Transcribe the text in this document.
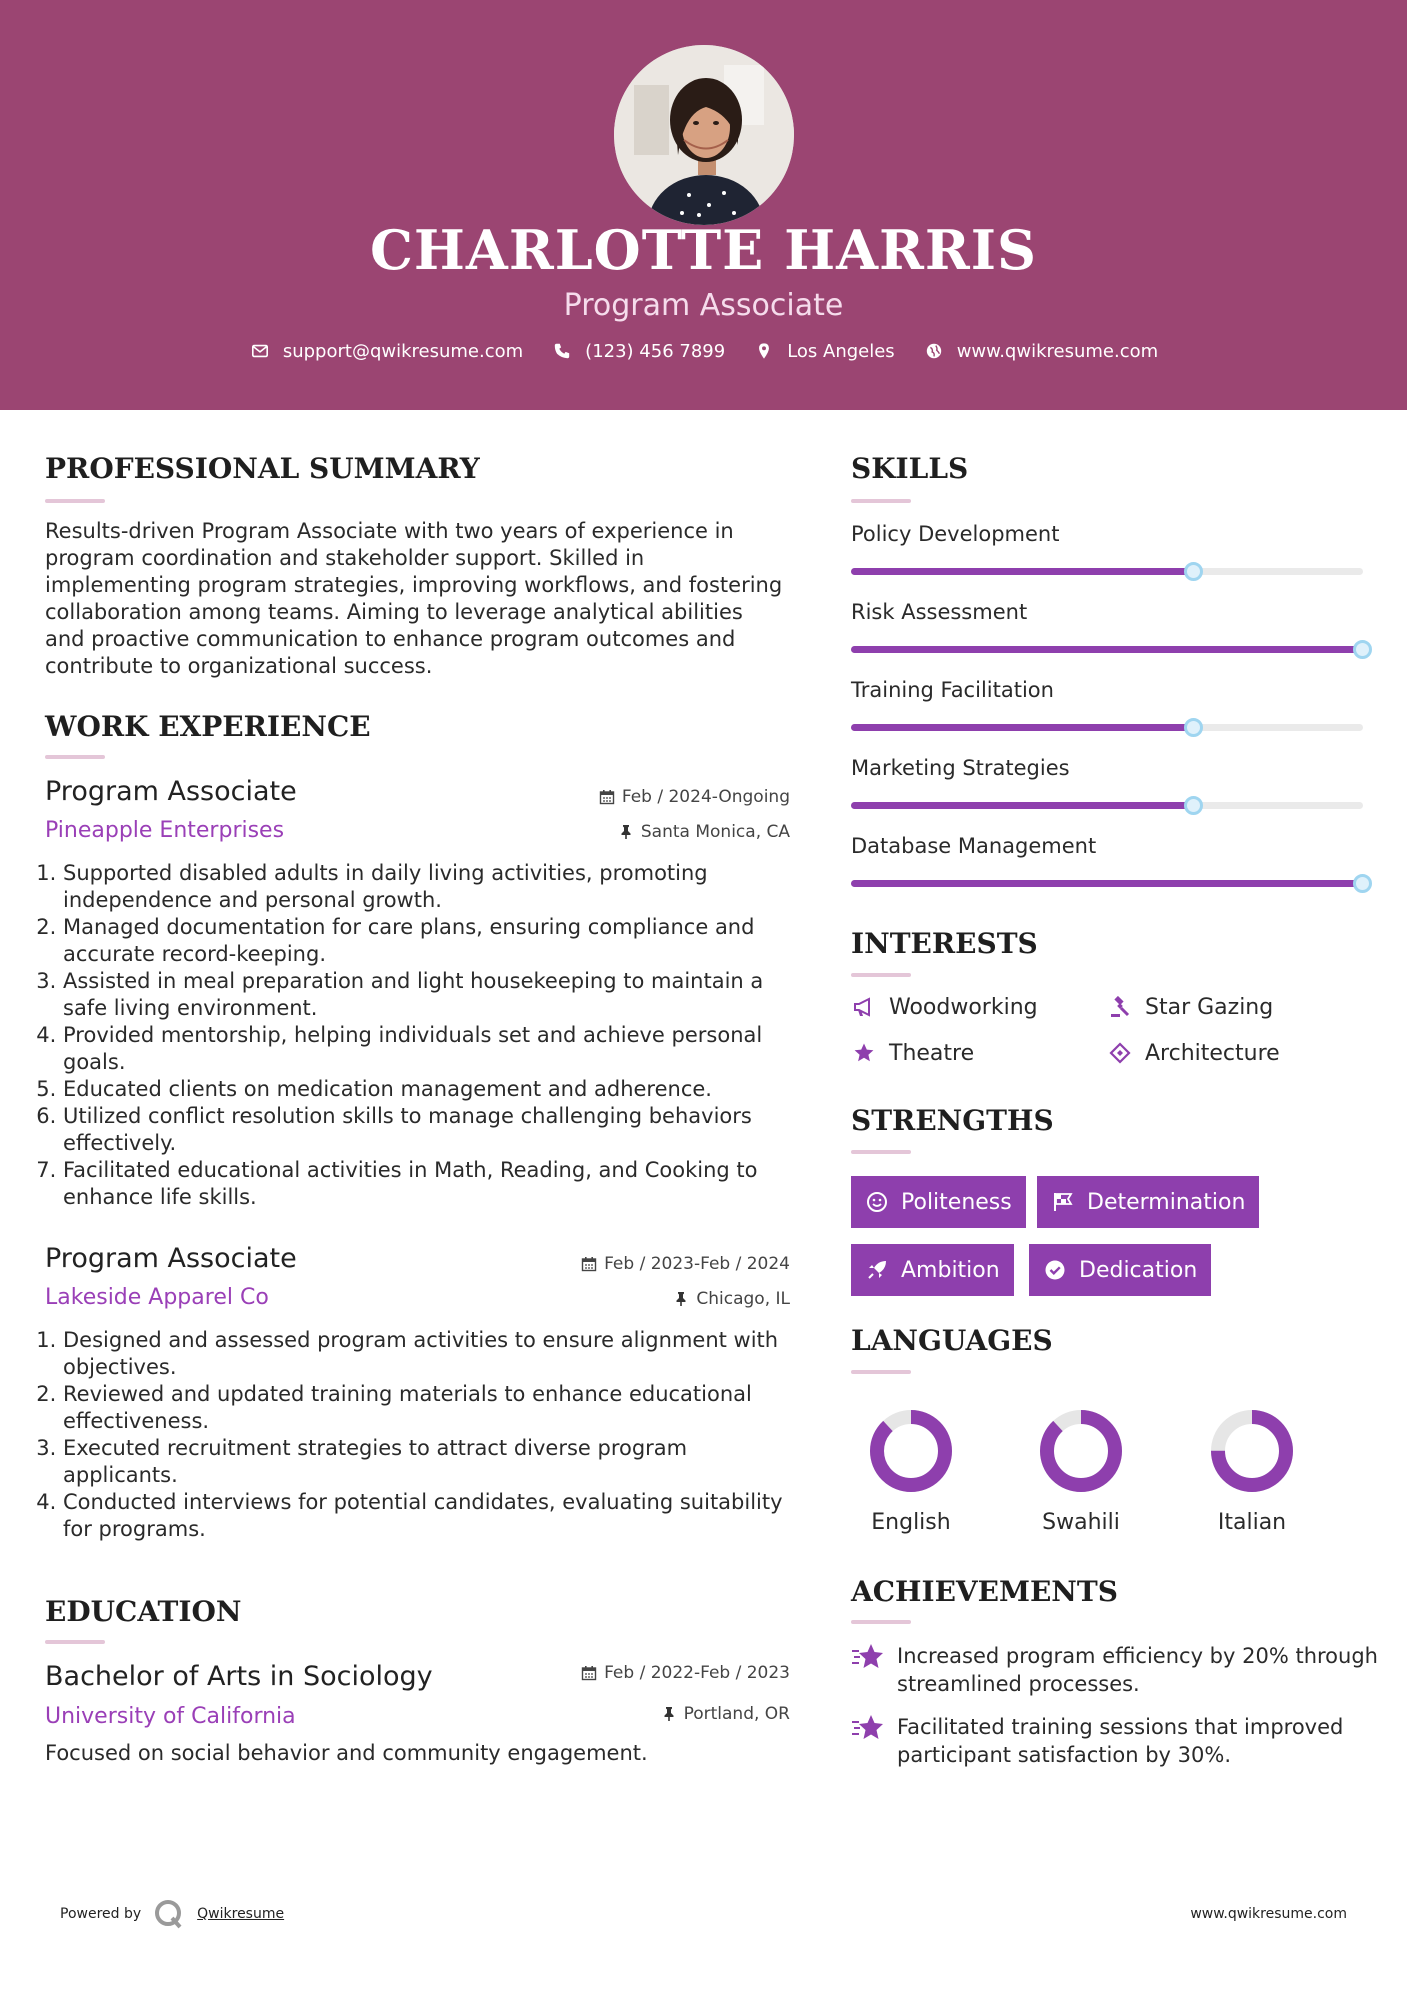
CHARLOTTE HARRIS
Program Associate
support@qwikresume.com	(123) 456 7899	Los Angeles	www.qwikresume.com
PROFESSIONAL SUMMARY
Results-driven Program Associate with two years of experience in program coordination and stakeholder support. Skilled in implementing program strategies, improving workflows, and fostering collaboration among teams. Aiming to leverage analytical abilities and proactive communication to enhance program outcomes and contribute to organizational success.
WORK EXPERIENCE
Program Associate	Feb / 2024-Ongoing
Pineapple Enterprises	Santa Monica, CA
1. Supported disabled adults in daily living activities, promoting independence and personal growth.
2. Managed documentation for care plans, ensuring compliance and accurate record-keeping.
3. Assisted in meal preparation and light housekeeping to maintain a safe living environment.
4. Provided mentorship, helping individuals set and achieve personal goals.
5. Educated clients on medication management and adherence.
6. Utilized conflict resolution skills to manage challenging behaviors effectively.
7. Facilitated educational activities in Math, Reading, and Cooking to enhance life skills.
Program Associate	Feb / 2023-Feb / 2024
Lakeside Apparel Co	Chicago, IL
1. Designed and assessed program activities to ensure alignment with objectives.
2. Reviewed and updated training materials to enhance educational effectiveness.
3. Executed recruitment strategies to attract diverse program applicants.
4. Conducted interviews for potential candidates, evaluating suitability for programs.
EDUCATION
Bachelor of Arts in Sociology	Feb / 2022-Feb / 2023
University of California	Portland, OR
Focused on social behavior and community engagement.
SKILLS
Policy Development
Risk Assessment
Training Facilitation
Marketing Strategies
Database Management
INTERESTS
Woodworking	Star Gazing
Theatre	Architecture
STRENGTHS
Politeness	Determination
Ambition	Dedication
LANGUAGES
English	Swahili	Italian
ACHIEVEMENTS
Increased program efficiency by 20% through streamlined processes.
Facilitated training sessions that improved participant satisfaction by 30%.
Powered by	Qwikresume	www.qwikresume.com
